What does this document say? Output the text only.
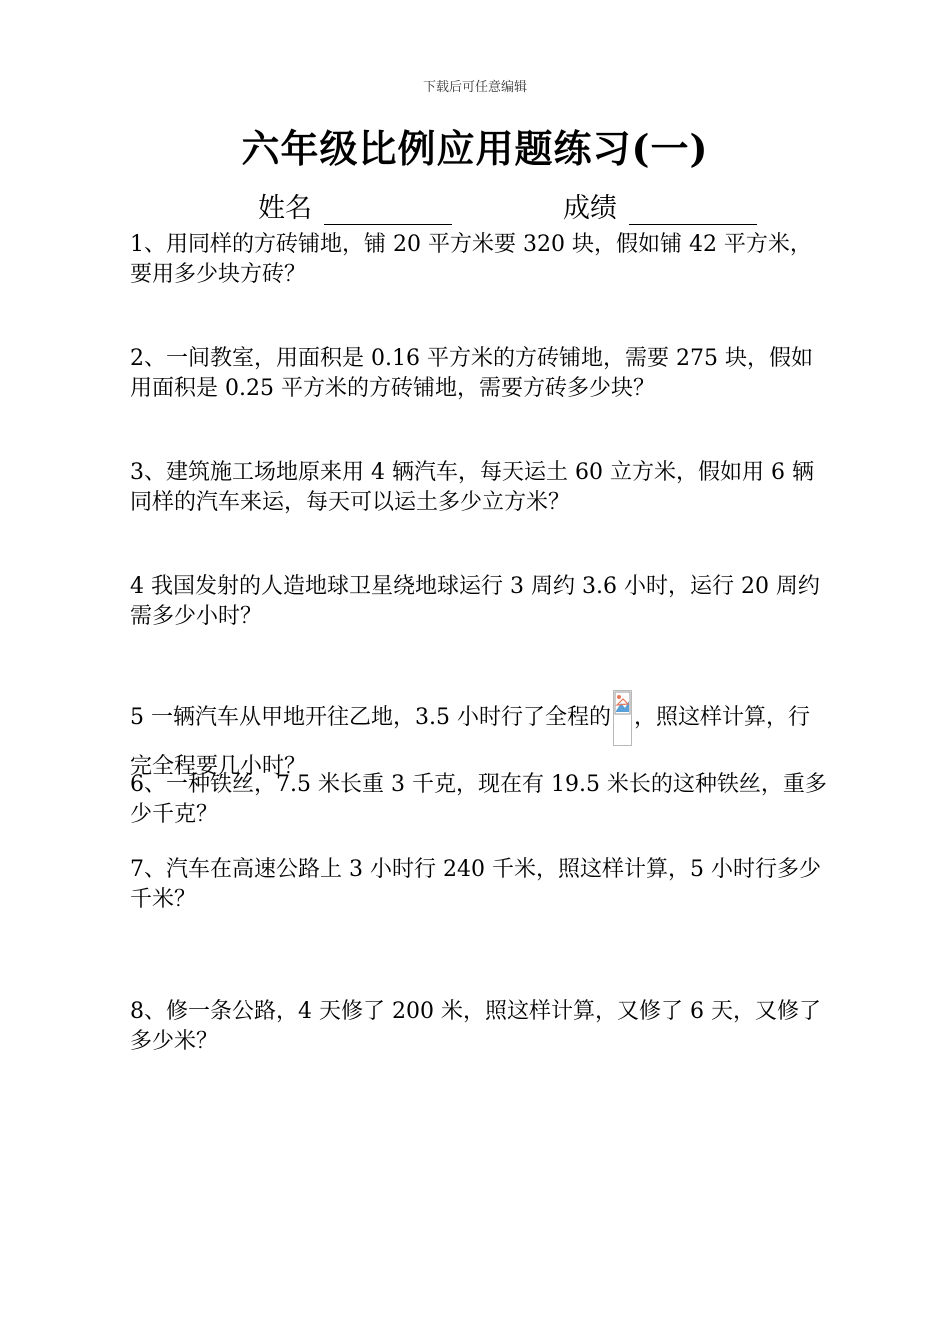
下载后可任意编辑
六年级比例应用题练习(一)
姓名	成绩

1、用同样的方砖铺地，铺 20 平方米要 320 块，假如铺 42 平方米，要用多少块方砖？

2、一间教室，用面积是 0.16 平方米的方砖铺地，需要 275 块，假如用面积是 0.25 平方米的方砖铺地，需要方砖多少块？

3、建筑施工场地原来用 4 辆汽车，每天运土 60 立方米，假如用 6 辆同样的汽车来运，每天可以运土多少立方米？

4 我国发射的人造地球卫星绕地球运行 3 周约 3.6 小时，运行 20 周约需多少小时？

5 一辆汽车从甲地开往乙地，3.5 小时行了全程的 ，照这样计算，行完全程要几小时？

6、一种铁丝，7.5 米长重 3 千克，现在有 19.5 米长的这种铁丝，重多少千克？

7、汽车在高速公路上 3 小时行 240 千米，照这样计算，5 小时行多少千米？

8、修一条公路，4 天修了 200 米，照这样计算，又修了 6 天，又修了多少米？
